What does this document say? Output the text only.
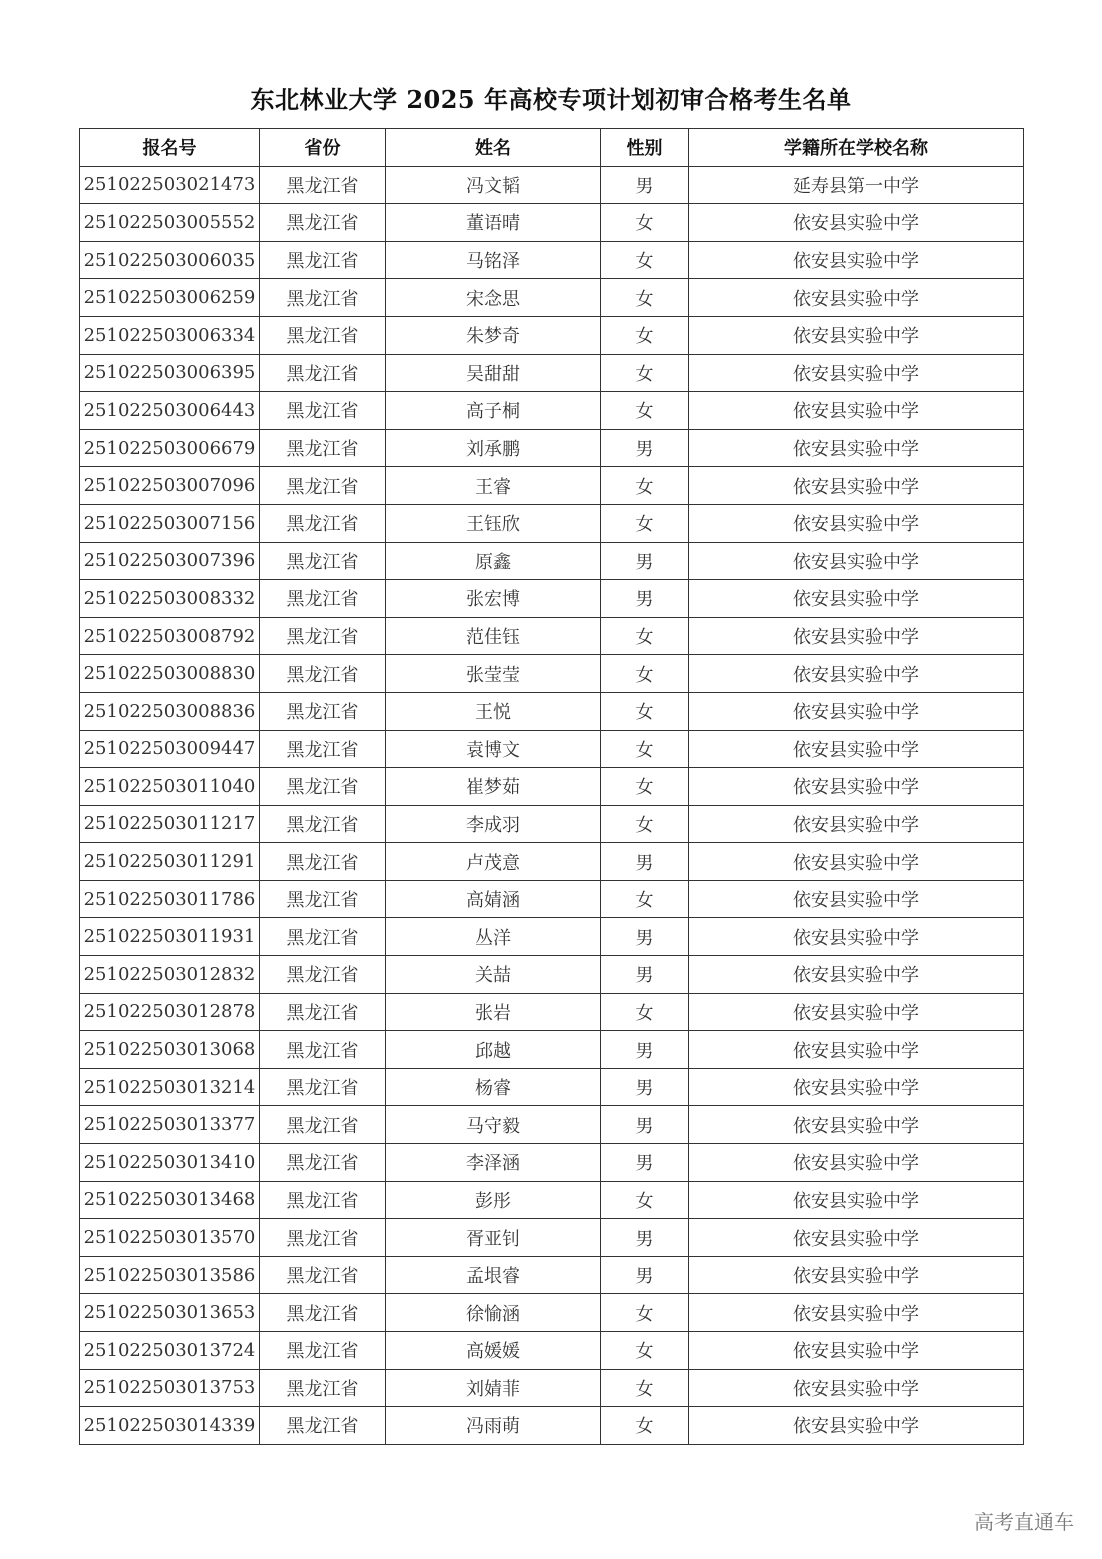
东北林业大学 2025 年高校专项计划初审合格考生名单
报名号	省份	姓名	性别	学籍所在学校名称
251022503021473	黑龙江省	冯文韬	男	延寿县第一中学
251022503005552	黑龙江省	董语晴	女	依安县实验中学
251022503006035	黑龙江省	马铭泽	女	依安县实验中学
251022503006259	黑龙江省	宋念思	女	依安县实验中学
251022503006334	黑龙江省	朱梦奇	女	依安县实验中学
251022503006395	黑龙江省	吴甜甜	女	依安县实验中学
251022503006443	黑龙江省	高子桐	女	依安县实验中学
251022503006679	黑龙江省	刘承鹏	男	依安县实验中学
251022503007096	黑龙江省	王睿	女	依安县实验中学
251022503007156	黑龙江省	王钰欣	女	依安县实验中学
251022503007396	黑龙江省	原鑫	男	依安县实验中学
251022503008332	黑龙江省	张宏博	男	依安县实验中学
251022503008792	黑龙江省	范佳钰	女	依安县实验中学
251022503008830	黑龙江省	张莹莹	女	依安县实验中学
251022503008836	黑龙江省	王悦	女	依安县实验中学
251022503009447	黑龙江省	袁博文	女	依安县实验中学
251022503011040	黑龙江省	崔梦茹	女	依安县实验中学
251022503011217	黑龙江省	李成羽	女	依安县实验中学
251022503011291	黑龙江省	卢茂意	男	依安县实验中学
251022503011786	黑龙江省	高婧涵	女	依安县实验中学
251022503011931	黑龙江省	丛洋	男	依安县实验中学
251022503012832	黑龙江省	关喆	男	依安县实验中学
251022503012878	黑龙江省	张岩	女	依安县实验中学
251022503013068	黑龙江省	邱越	男	依安县实验中学
251022503013214	黑龙江省	杨睿	男	依安县实验中学
251022503013377	黑龙江省	马守毅	男	依安县实验中学
251022503013410	黑龙江省	李泽涵	男	依安县实验中学
251022503013468	黑龙江省	彭彤	女	依安县实验中学
251022503013570	黑龙江省	胥亚钊	男	依安县实验中学
251022503013586	黑龙江省	孟垠睿	男	依安县实验中学
251022503013653	黑龙江省	徐愉涵	女	依安县实验中学
251022503013724	黑龙江省	高媛媛	女	依安县实验中学
251022503013753	黑龙江省	刘婧菲	女	依安县实验中学
251022503014339	黑龙江省	冯雨萌	女	依安县实验中学
高考直通车
